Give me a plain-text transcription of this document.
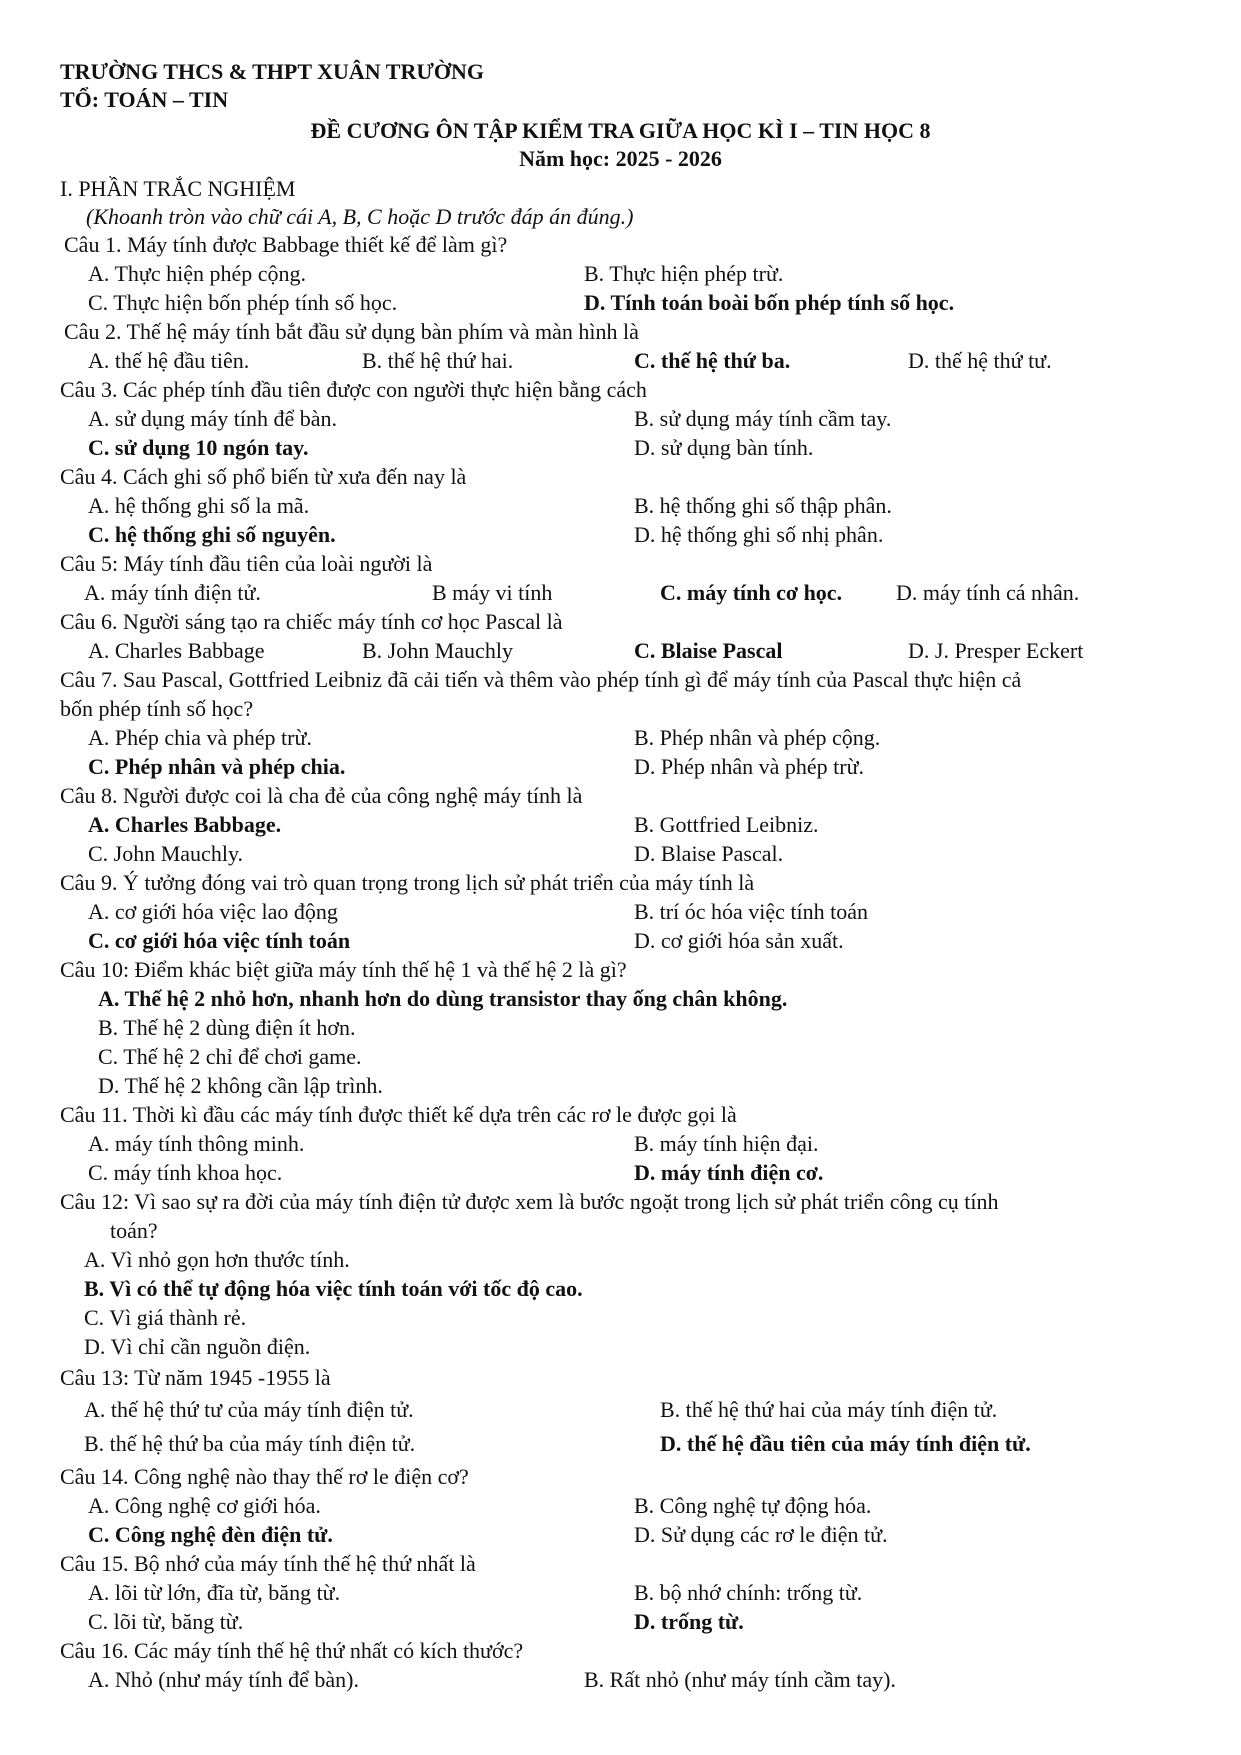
TRƯỜNG THCS & THPT XUÂN TRƯỜNG
TỔ: TOÁN – TIN
ĐỀ CƯƠNG ÔN TẬP KIỂM TRA GIỮA HỌC KÌ I – TIN HỌC 8
Năm học: 2025 - 2026
I. PHẦN TRẮC NGHIỆM
(Khoanh tròn vào chữ cái A, B, C hoặc D trước đáp án đúng.)
Câu 1. Máy tính được Babbage thiết kế để làm gì?
A. Thực hiện phép cộng.	B. Thực hiện phép trừ.
C. Thực hiện bốn phép tính số học.	D. Tính toán boài bốn phép tính số học.
Câu 2. Thế hệ máy tính bắt đầu sử dụng bàn phím và màn hình là
A. thế hệ đầu tiên.	B. thế hệ thứ hai.	C. thế hệ thứ ba.	D. thế hệ thứ tư.
Câu 3. Các phép tính đầu tiên được con người thực hiện bằng cách
A. sử dụng máy tính để bàn.	B. sử dụng máy tính cầm tay.
C. sử dụng 10 ngón tay.	D. sử dụng bàn tính.
Câu 4. Cách ghi số phổ biến từ xưa đến nay là
A. hệ thống ghi số la mã.	B. hệ thống ghi số thập phân.
C. hệ thống ghi số nguyên.	D. hệ thống ghi số nhị phân.
Câu 5: Máy tính đầu tiên của loài người là
A. máy tính điện tử.	B máy vi tính	C. máy tính cơ học. D. máy tính cá nhân.
Câu 6. Người sáng tạo ra chiếc máy tính cơ học Pascal là
A. Charles Babbage	B. John Mauchly	C. Blaise Pascal	D. J. Presper Eckert
Câu 7. Sau Pascal, Gottfried Leibniz đã cải tiến và thêm vào phép tính gì để máy tính của Pascal thực hiện cả
bốn phép tính số học?
A. Phép chia và phép trừ.	B. Phép nhân và phép cộng.
C. Phép nhân và phép chia.	D. Phép nhân và phép trừ.
Câu 8. Người được coi là cha đẻ của công nghệ máy tính là
A. Charles Babbage.	B. Gottfried Leibniz.
C. John Mauchly.	D. Blaise Pascal.
Câu 9. Ý tưởng đóng vai trò quan trọng trong lịch sử phát triển của máy tính là
A. cơ giới hóa việc lao động	B. trí óc hóa việc tính toán
C. cơ giới hóa việc tính toán	D. cơ giới hóa sản xuất.
Câu 10: Điểm khác biệt giữa máy tính thế hệ 1 và thế hệ 2 là gì?
A. Thế hệ 2 nhỏ hơn, nhanh hơn do dùng transistor thay ống chân không.
B. Thế hệ 2 dùng điện ít hơn.
C. Thế hệ 2 chỉ để chơi game.
D. Thế hệ 2 không cần lập trình.
Câu 11. Thời kì đầu các máy tính được thiết kế dựa trên các rơ le được gọi là
A. máy tính thông minh.	B. máy tính hiện đại.
C. máy tính khoa học.	D. máy tính điện cơ.
Câu 12: Vì sao sự ra đời của máy tính điện tử được xem là bước ngoặt trong lịch sử phát triển công cụ tính
toán?
A. Vì nhỏ gọn hơn thước tính.
B. Vì có thể tự động hóa việc tính toán với tốc độ cao.
C. Vì giá thành rẻ.
D. Vì chỉ cần nguồn điện.
Câu 13: Từ năm 1945 -1955 là
A. thế hệ thứ tư của máy tính điện tử.	B. thế hệ thứ hai của máy tính điện tử.
B. thế hệ thứ ba của máy tính điện tử.	D. thế hệ đầu tiên của máy tính điện tử.
Câu 14. Công nghệ nào thay thế rơ le điện cơ?
A. Công nghệ cơ giới hóa.	B. Công nghệ tự động hóa.
C. Công nghệ đèn điện tử.	D. Sử dụng các rơ le điện tử.
Câu 15. Bộ nhớ của máy tính thế hệ thứ nhất là
A. lõi từ lớn, đĩa từ, băng từ.	B. bộ nhớ chính: trống từ.
C. lõi từ, băng từ.	D. trống từ.
Câu 16. Các máy tính thế hệ thứ nhất có kích thước?
A. Nhỏ (như máy tính để bàn).	B. Rất nhỏ (như máy tính cầm tay).
